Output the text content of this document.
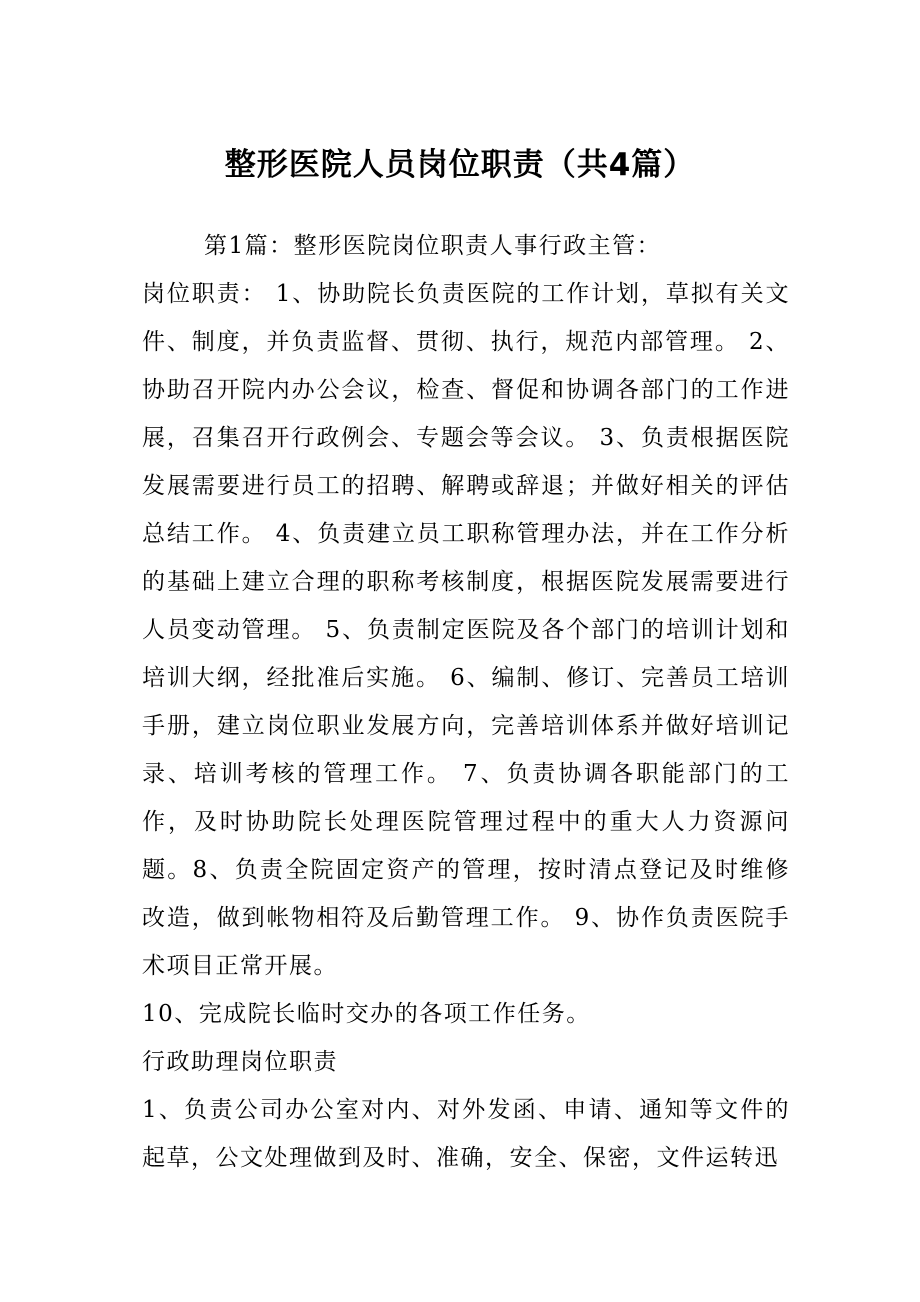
整形医院人员岗位职责（共4篇）

第1篇：整形医院岗位职责人事行政主管：

岗位职责： 1、协助院长负责医院的工作计划，草拟有关文件、制度，并负责监督、贯彻、执行，规范内部管理。 2、协助召开院内办公会议，检查、督促和协调各部门的工作进展，召集召开行政例会、专题会等会议。 3、负责根据医院发展需要进行员工的招聘、解聘或辞退；并做好相关的评估总结工作。 4、负责建立员工职称管理办法，并在工作分析的基础上建立合理的职称考核制度，根据医院发展需要进行人员变动管理。 5、负责制定医院及各个部门的培训计划和培训大纲，经批准后实施。 6、编制、修订、完善员工培训手册，建立岗位职业发展方向，完善培训体系并做好培训记录、培训考核的管理工作。 7、负责协调各职能部门的工作，及时协助院长处理医院管理过程中的重大人力资源问题。8、负责全院固定资产的管理，按时清点登记及时维修改造，做到帐物相符及后勤管理工作。 9、协作负责医院手术项目正常开展。

10、完成院长临时交办的各项工作任务。

行政助理岗位职责

1、负责公司办公室对内、对外发函、申请、通知等文件的起草，公文处理做到及时、准确，安全、保密，文件运转迅
